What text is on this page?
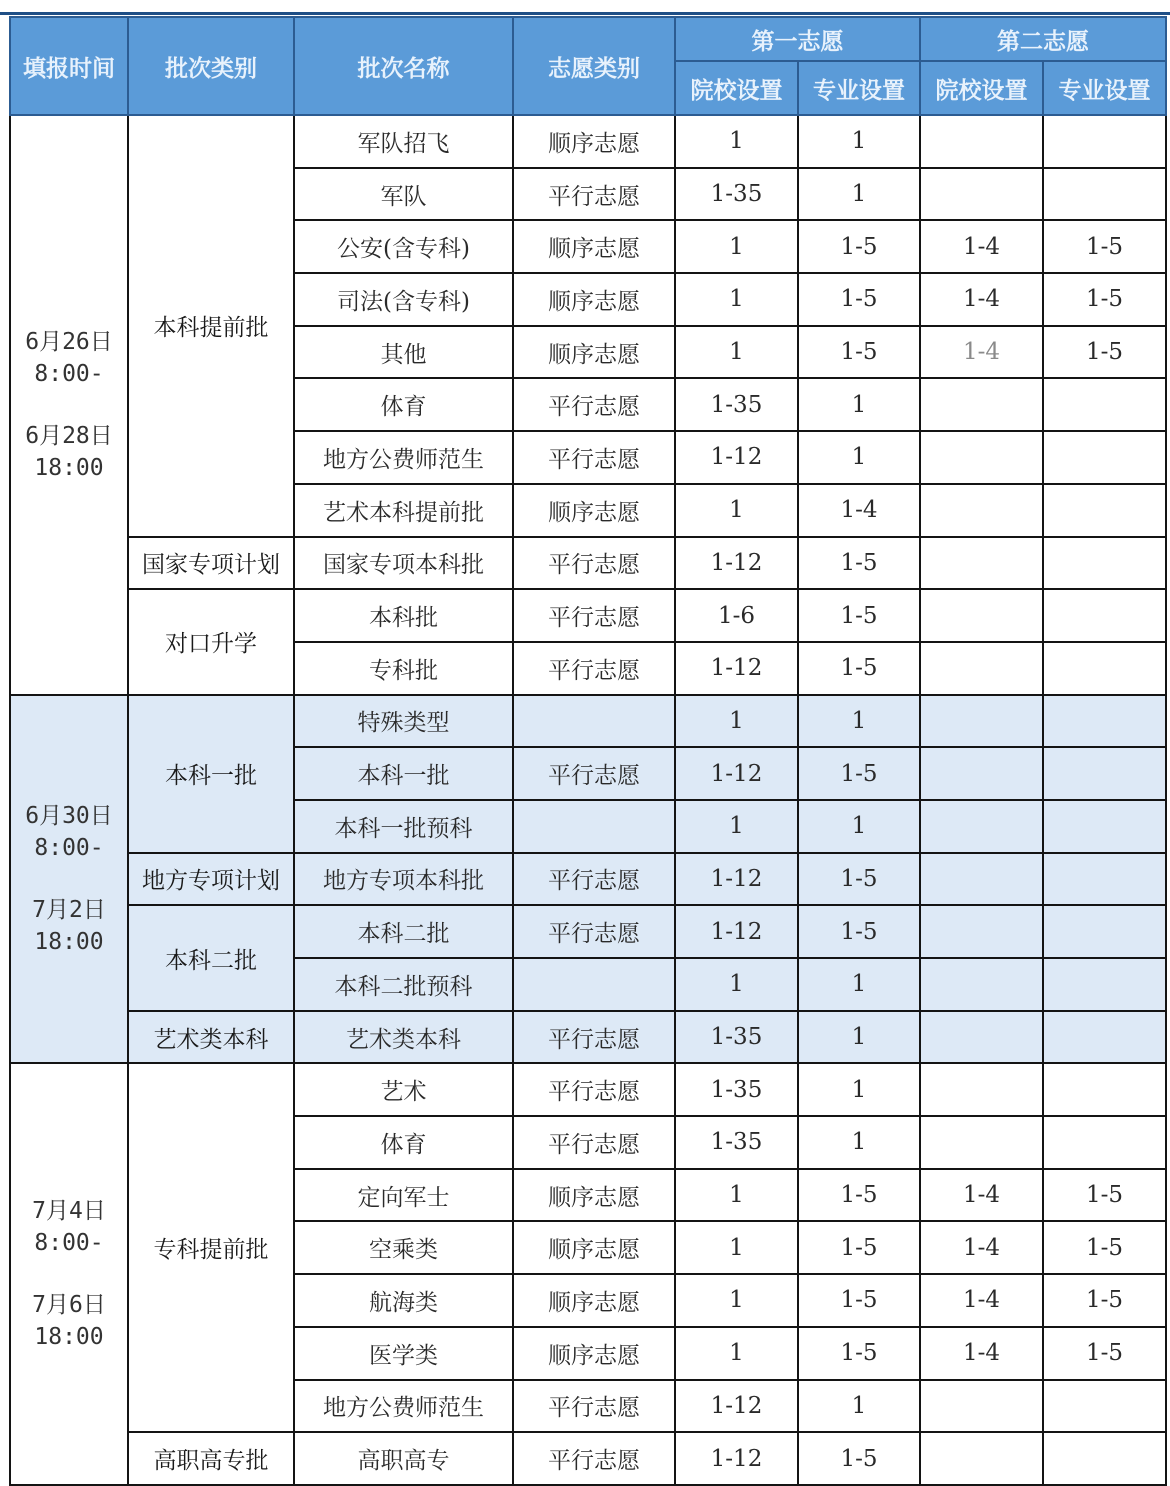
填报时间	批次类别	批次名称	志愿类别	第一志愿		第二志愿	
				院校设置	专业设置	院校设置	专业设置

6月26日
8:00-
6月28日
18:00	本科提前批	军队招飞	顺序志愿	1	1		
		军队	平行志愿	1-35	1		
		公安(含专科)	顺序志愿	1	1-5	1-4	1-5
		司法(含专科)	顺序志愿	1	1-5	1-4	1-5
		其他	顺序志愿	1	1-5	1-4	1-5
		体育	平行志愿	1-35	1		
		地方公费师范生	平行志愿	1-12	1		
		艺术本科提前批	顺序志愿	1	1-4		
	国家专项计划	国家专项本科批	平行志愿	1-12	1-5		
	对口升学	本科批	平行志愿	1-6	1-5		
		专科批	平行志愿	1-12	1-5		

6月30日
8:00-
7月2日
18:00	本科一批	特殊类型		1	1		
		本科一批	平行志愿	1-12	1-5		
		本科一批预科		1	1		
	地方专项计划	地方专项本科批	平行志愿	1-12	1-5		
	本科二批	本科二批	平行志愿	1-12	1-5		
		本科二批预科		1	1		
	艺术类本科	艺术类本科	平行志愿	1-35	1		

7月4日
8:00-
7月6日
18:00	专科提前批	艺术	平行志愿	1-35	1		
		体育	平行志愿	1-35	1		
		定向军士	顺序志愿	1	1-5	1-4	1-5
		空乘类	顺序志愿	1	1-5	1-4	1-5
		航海类	顺序志愿	1	1-5	1-4	1-5
		医学类	顺序志愿	1	1-5	1-4	1-5
		地方公费师范生	平行志愿	1-12	1		
	高职高专批	高职高专	平行志愿	1-12	1-5		
